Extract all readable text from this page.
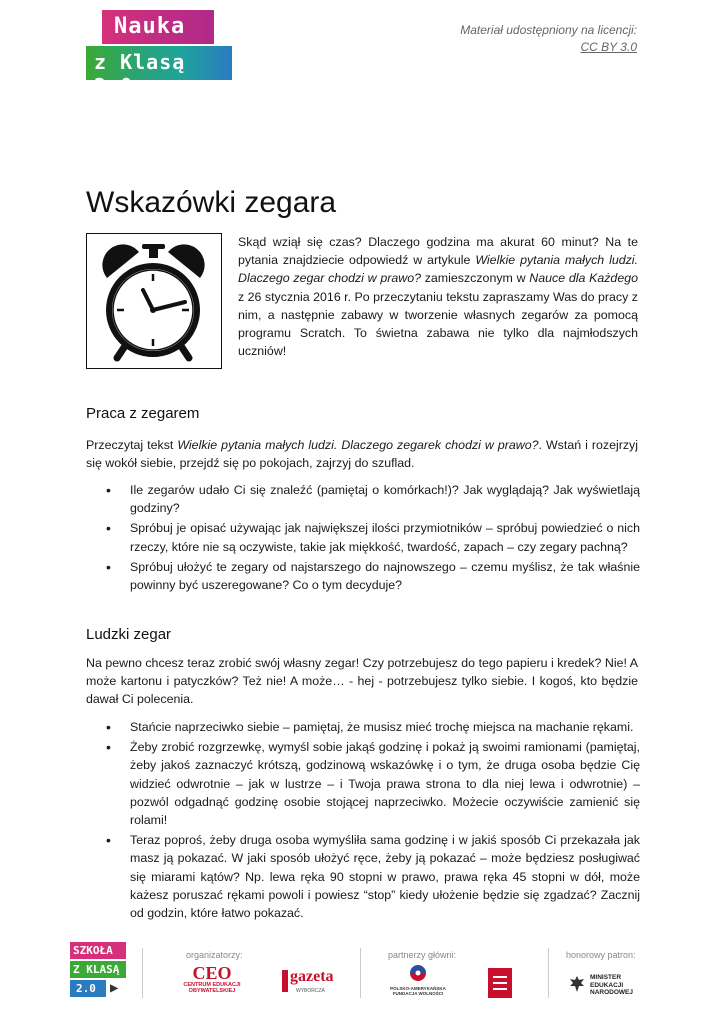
Nauka
z Klasą 2.0
Materiał udostępniony na licencji:
CC BY 3.0
Wskazówki zegara
Skąd wziął się czas? Dlaczego godzina ma akurat 60 minut? Na te pytania znajdziecie odpowiedź w artykule Wielkie pytania małych ludzi. Dlaczego zegar chodzi w prawo? zamieszczonym w Nauce dla Każdego z 26 stycznia 2016 r. Po przeczytaniu tekstu zapraszamy Was do pracy z nim, a następnie zabawy w tworzenie własnych zegarów za pomocą programu Scratch. To świetna zabawa nie tylko dla najmłodszych uczniów!
Praca z zegarem

Przeczytaj tekst Wielkie pytania małych ludzi. Dlaczego zegarek chodzi w prawo?. Wstań i rozejrzyj się wokół siebie, przejdź się po pokojach, zajrzyj do szuflad.

• Ile zegarów udało Ci się znaleźć (pamiętaj o komórkach!)? Jak wyglądają? Jak wyświetlają godziny?
• Spróbuj je opisać używając jak największej ilości przymiotników – spróbuj powiedzieć o nich rzeczy, które nie są oczywiste, takie jak miękkość, twardość, zapach – czy zegary pachną?
• Spróbuj ułożyć te zegary od najstarszego do najnowszego – czemu myślisz, że tak właśnie powinny być uszeregowane? Co o tym decyduje?
Ludzki zegar

Na pewno chcesz teraz zrobić swój własny zegar! Czy potrzebujesz do tego papieru i kredek? Nie! A może kartonu i patyczków? Też nie! A może… - hej - potrzebujesz tylko siebie. I kogoś, kto będzie dawał Ci polecenia.

• Stańcie naprzeciwko siebie – pamiętaj, że musisz mieć trochę miejsca na machanie rękami.
• Żeby zrobić rozgrzewkę, wymyśl sobie jakąś godzinę i pokaż ją swoimi ramionami (pamiętaj, żeby jakoś zaznaczyć krótszą, godzinową wskazówkę i o tym, że druga osoba będzie Cię widzieć odwrotnie – jak w lustrze – i Twoja prawa strona to dla niej lewa i odwrotnie) – pozwól odgadnąć godzinę osobie stojącej naprzeciwko. Możecie oczywiście zamienić się rolami!
• Teraz poproś, żeby druga osoba wymyśliła sama godzinę i w jakiś sposób Ci przekazała jak masz ją pokazać. W jaki sposób ułożyć ręce, żeby ją pokazać – może będziesz posługiwać się miarami kątów? Np. lewa ręka 90 stopni w prawo, prawa ręka 45 stopni w dół, może każesz poruszać rękami powoli i powiesz “stop” kiedy ułożenie będzie się zgadzać? Zacznij od godzin, które łatwo pokazać.
SZKOŁA
Z KLASĄ
2.0 ▶
organizatorzy:
CEO
CENTRUM EDUKACJI
OBYWATELSKIEJ
gazeta
WYBORCZA
partnerzy główni:
POLSKO-AMERYKAŃSKA
FUNDACJA WOLNOŚCI
honorowy patron:
MINISTER
EDUKACJI
NARODOWEJ
